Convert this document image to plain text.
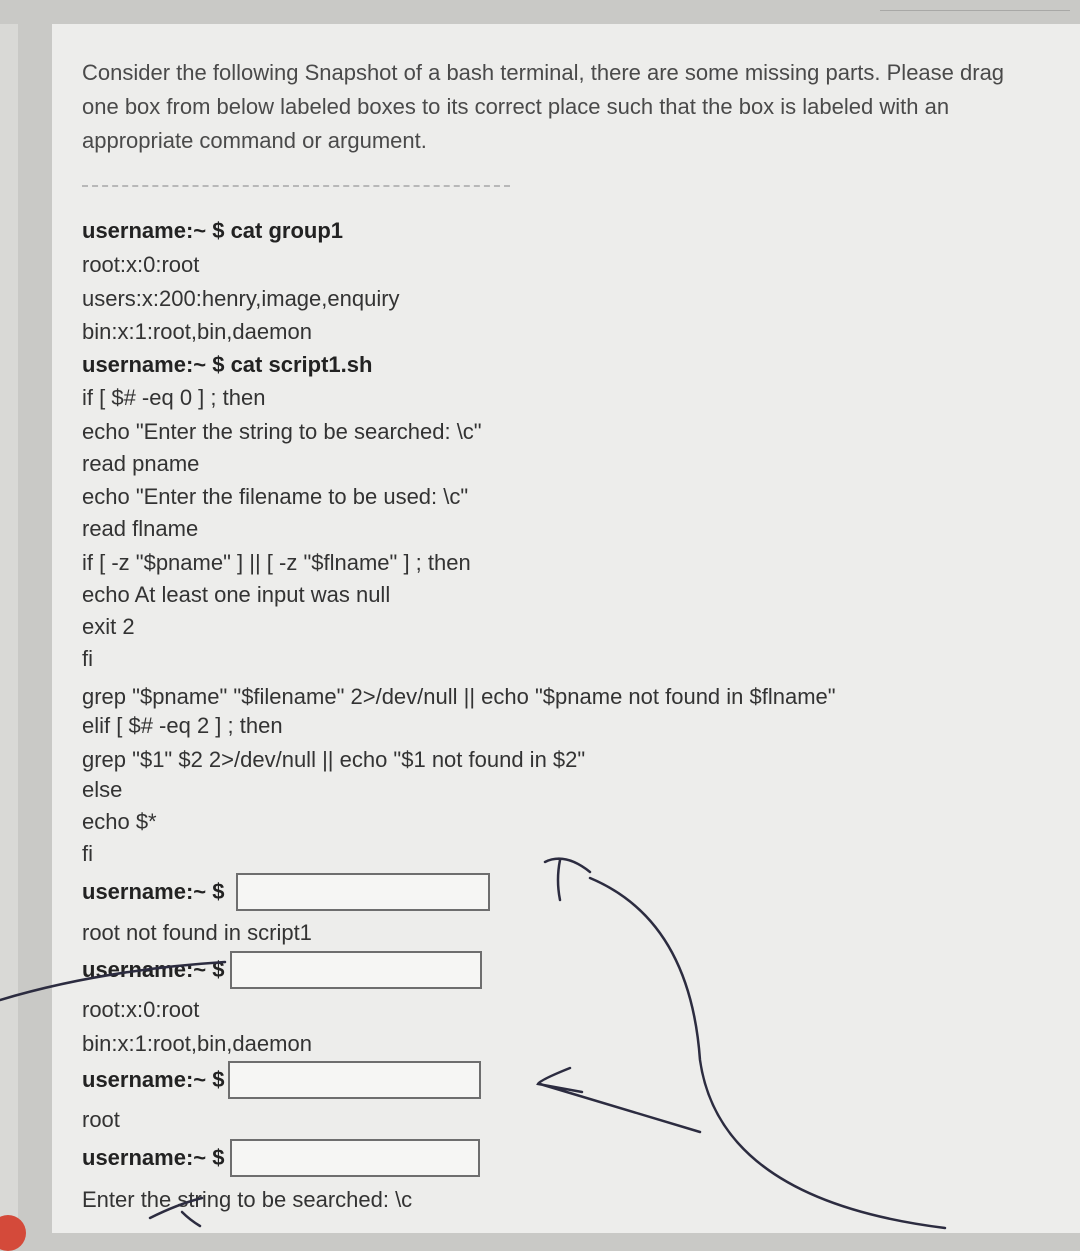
Consider the following Snapshot of a bash terminal, there are some missing parts. Please drag one box from below labeled boxes to its correct place such that the box is labeled with an appropriate command or argument.
username:~ $ cat group1
root:x:0:root
users:x:200:henry,image,enquiry
bin:x:1:root,bin,daemon
username:~ $ cat script1.sh
if [ $# -eq 0 ] ; then
echo "Enter the string to be searched: \c"
read pname
echo "Enter the filename to be used: \c"
read flname
if [ -z "$pname" ] || [ -z "$flname" ] ; then
echo At least one input was null
exit 2
fi
grep "$pname" "$filename" 2>/dev/null || echo "$pname not found in $flname"
elif [ $# -eq 2 ] ; then
grep "$1" $2 2>/dev/null || echo "$1 not found in $2"
else
echo $*
fi
username:~ $
root not found in script1
username:~ $
root:x:0:root
bin:x:1:root,bin,daemon
username:~ $
root
username:~ $
Enter the string to be searched: \c
